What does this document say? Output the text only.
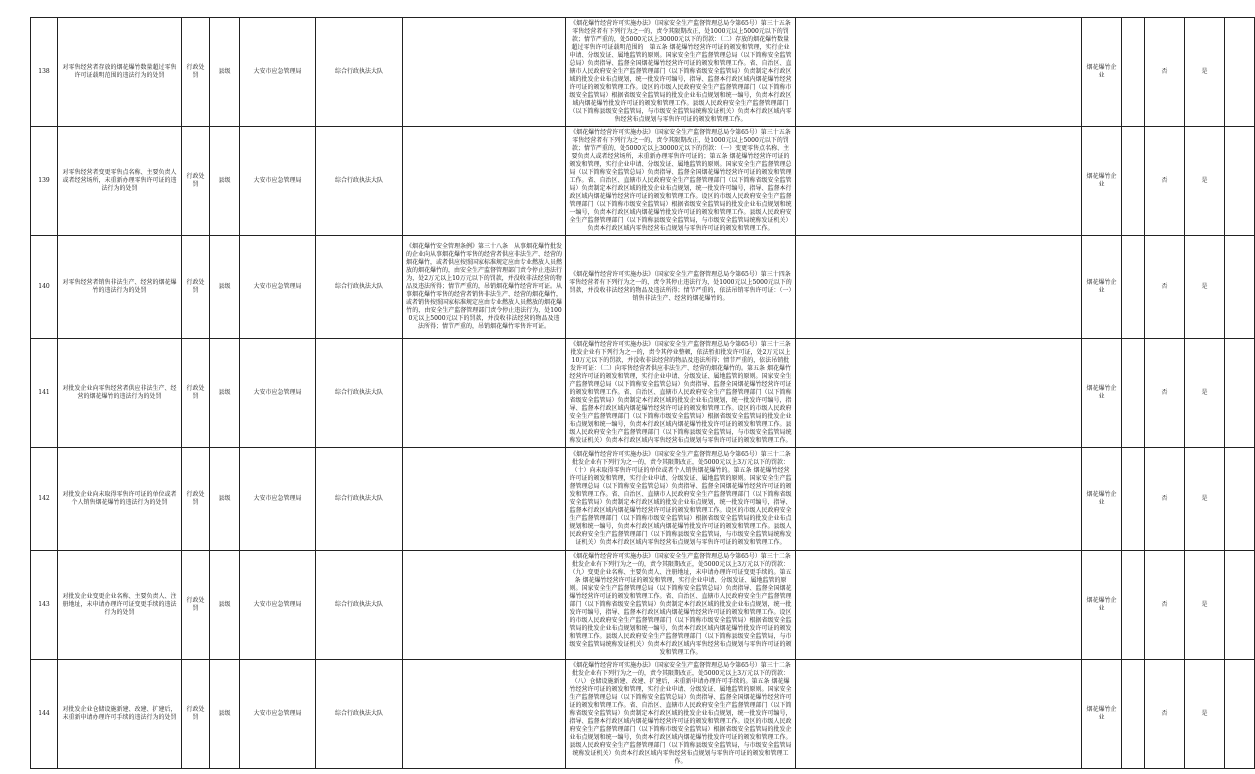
138	对零售经营者存放的烟花爆竹数量超过零售许可证载明范围的违法行为的处罚	行政处罚	县级	大安市应急管理局	综合行政执法大队		《烟花爆竹经营许可实施办法》（国家安全生产监督管理总局令第65号）第三十五条　零售经营者有下列行为之一的，责令其限期改正，处1000元以上5000元以下的罚款；情节严重的，处5000元以上30000元以下的罚款：（二）存放的烟花爆竹数量超过零售许可证载明范围的　第五条 烟花爆竹经营许可证的颁发和管理，实行企业申请、分级发证、属地监管的原则。国家安全生产监督管理总局（以下简称安全监管总局）负责指导、监督全国烟花爆竹经营许可证的颁发和管理工作。省、自治区、直辖市人民政府安全生产监督管理部门（以下简称省级安全监管局）负责制定本行政区域的批发企业布点规划，统一批发许可编号，指导、监督本行政区域内烟花爆竹经营许可证的颁发和管理工作。设区的市级人民政府安全生产监督管理部门（以下简称市级安全监管局）根据省级安全监管局的批发企业布点规划和统一编号，负责本行政区域内烟花爆竹批发许可证的颁发和管理工作。县级人民政府安全生产监督管理部门（以下简称县级安全监管局，与市级安全监管局统称发证机关）负责本行政区域内零售经营布点规划与零售许可证的颁发和管理工作。		烟花爆竹企业		否	是	
139	对零售经营者变更零售点名称、主要负责人或者经营场所，未重新办理零售许可证的违法行为的处罚	行政处罚	县级	大安市应急管理局	综合行政执法大队		《烟花爆竹经营许可实施办法》（国家安全生产监督管理总局令第65号）第三十五条　零售经营者有下列行为之一的，责令其限期改正，处1000元以上5000元以下的罚款；情节严重的，处5000元以上30000元以下的罚款：（一）变更零售点名称、主要负责人或者经营场所，未重新办理零售许可证的；第五条 烟花爆竹经营许可证的颁发和管理，实行企业申请、分级发证、属地监管的原则。国家安全生产监督管理总局（以下简称安全监管总局）负责指导、监督全国烟花爆竹经营许可证的颁发和管理工作。省、自治区、直辖市人民政府安全生产监督管理部门（以下简称省级安全监管局）负责制定本行政区域的批发企业布点规划，统一批发许可编号，指导、监督本行政区域内烟花爆竹经营许可证的颁发和管理工作。设区的市级人民政府安全生产监督管理部门（以下简称市级安全监管局）根据省级安全监管局的批发企业布点规划和统一编号，负责本行政区域内烟花爆竹批发许可证的颁发和管理工作。县级人民政府安全生产监督管理部门（以下简称县级安全监管局，与市级安全监管局统称发证机关）负责本行政区域内零售经营布点规划与零售许可证的颁发和管理工作。		烟花爆竹企业		否	是	
140	对零售经营者销售非法生产、经营的烟花爆竹的违法行为的处罚	行政处罚	县级	大安市应急管理局	综合行政执法大队	《烟花爆竹安全管理条例》第三十八条　从事烟花爆竹批发的企业向从事烟花爆竹零售的经营者供应非法生产、经营的烟花爆竹，或者供应按照国家标准规定应由专业燃放人员燃放的烟花爆竹的，由安全生产监督管理部门责令停止违法行为，处2万元以上10万元以下的罚款，并没收非法经营的物品及违法所得；情节严重的，吊销烟花爆竹经营许可证。从事烟花爆竹零售的经营者销售非法生产、经营的烟花爆竹，或者销售按照国家标准规定应由专业燃放人员燃放的烟花爆竹的，由安全生产监督管理部门责令停止违法行为，处1000元以上5000元以下的罚款，并没收非法经营的物品及违法所得；情节严重的，吊销烟花爆竹零售许可证。	《烟花爆竹经营许可实施办法》（国家安全生产监督管理总局令第65号）第三十四条　零售经营者有下列行为之一的，责令其停止违法行为，处1000元以上5000元以下的罚款，并没收非法经营的物品及违法所得；情节严重的，依法吊销零售许可证：（一）销售非法生产、经营的烟花爆竹的。		烟花爆竹企业		否	是	
141	对批发企业向零售经营者供应非法生产、经营的烟花爆竹的违法行为的处罚	行政处罚	县级	大安市应急管理局	综合行政执法大队		《烟花爆竹经营许可实施办法》（国家安全生产监督管理总局令第65号）第三十三条　批发企业有下列行为之一的，责令其停业整顿，依法暂扣批发许可证，处2万元以上10万元以下的罚款，并没收非法经营的物品及违法所得；情节严重的，依法吊销批发许可证：（二）向零售经营者供应非法生产、经营的烟花爆竹的。第五条 烟花爆竹经营许可证的颁发和管理，实行企业申请、分级发证、属地监管的原则。国家安全生产监督管理总局（以下简称安全监管总局）负责指导、监督全国烟花爆竹经营许可证的颁发和管理工作。省、自治区、直辖市人民政府安全生产监督管理部门（以下简称省级安全监管局）负责制定本行政区域的批发企业布点规划，统一批发许可编号，指导、监督本行政区域内烟花爆竹经营许可证的颁发和管理工作。设区的市级人民政府安全生产监督管理部门（以下简称市级安全监管局）根据省级安全监管局的批发企业布点规划和统一编号，负责本行政区域内烟花爆竹批发许可证的颁发和管理工作。县级人民政府安全生产监督管理部门（以下简称县级安全监管局，与市级安全监管局统称发证机关）负责本行政区域内零售经营布点规划与零售许可证的颁发和管理工作。		烟花爆竹企业		否	是	
142	对批发企业向未取得零售许可证的单位或者个人销售烟花爆竹的违法行为的处罚	行政处罚	县级	大安市应急管理局	综合行政执法大队		《烟花爆竹经营许可实施办法》（国家安全生产监督管理总局令第65号）第三十二条　批发企业有下列行为之一的，责令其限期改正，处5000元以上3万元以下的罚款：（十）向未取得零售许可证的单位或者个人销售烟花爆竹的。第五条 烟花爆竹经营许可证的颁发和管理，实行企业申请、分级发证、属地监管的原则。国家安全生产监督管理总局（以下简称安全监管总局）负责指导、监督全国烟花爆竹经营许可证的颁发和管理工作。省、自治区、直辖市人民政府安全生产监督管理部门（以下简称省级安全监管局）负责制定本行政区域的批发企业布点规划，统一批发许可编号，指导、监督本行政区域内烟花爆竹经营许可证的颁发和管理工作。设区的市级人民政府安全生产监督管理部门（以下简称市级安全监管局）根据省级安全监管局的批发企业布点规划和统一编号，负责本行政区域内烟花爆竹批发许可证的颁发和管理工作。县级人民政府安全生产监督管理部门（以下简称县级安全监管局，与市级安全监管局统称发证机关）负责本行政区域内零售经营布点规划与零售许可证的颁发和管理工作。		烟花爆竹企业		否	是	
143	对批发企业变更企业名称、主要负责人、注册地址，未申请办理许可证变更手续的违法行为的处罚	行政处罚	县级	大安市应急管理局	综合行政执法大队		《烟花爆竹经营许可实施办法》（国家安全生产监督管理总局令第65号）第三十二条　批发企业有下列行为之一的，责令其限期改正，处5000元以上3万元以下的罚款：（九）变更企业名称、主要负责人、注册地址，未申请办理许可证变更手续的。第五条 烟花爆竹经营许可证的颁发和管理，实行企业申请、分级发证、属地监管的原则。国家安全生产监督管理总局（以下简称安全监管总局）负责指导、监督全国烟花爆竹经营许可证的颁发和管理工作。省、自治区、直辖市人民政府安全生产监督管理部门（以下简称省级安全监管局）负责制定本行政区域的批发企业布点规划，统一批发许可编号，指导、监督本行政区域内烟花爆竹经营许可证的颁发和管理工作。设区的市级人民政府安全生产监督管理部门（以下简称市级安全监管局）根据省级安全监管局的批发企业布点规划和统一编号，负责本行政区域内烟花爆竹批发许可证的颁发和管理工作。县级人民政府安全生产监督管理部门（以下简称县级安全监管局，与市级安全监管局统称发证机关）负责本行政区域内零售经营布点规划与零售许可证的颁发和管理工作。		烟花爆竹企业		否	是	
144	对批发企业仓储设施新建、改建、扩建后，未重新申请办理许可手续的违法行为的处罚	行政处罚	县级	大安市应急管理局	综合行政执法大队		《烟花爆竹经营许可实施办法》（国家安全生产监督管理总局令第65号）第三十二条　批发企业有下列行为之一的，责令其限期改正，处5000元以上3万元以下的罚款：（八）仓储设施新建、改建、扩建后，未重新申请办理许可手续的。第五条 烟花爆竹经营许可证的颁发和管理，实行企业申请、分级发证、属地监管的原则。国家安全生产监督管理总局（以下简称安全监管总局）负责指导、监督全国烟花爆竹经营许可证的颁发和管理工作。省、自治区、直辖市人民政府安全生产监督管理部门（以下简称省级安全监管局）负责制定本行政区域的批发企业布点规划，统一批发许可编号，指导、监督本行政区域内烟花爆竹经营许可证的颁发和管理工作。设区的市级人民政府安全生产监督管理部门（以下简称市级安全监管局）根据省级安全监管局的批发企业布点规划和统一编号，负责本行政区域内烟花爆竹批发许可证的颁发和管理工作。县级人民政府安全生产监督管理部门（以下简称县级安全监管局，与市级安全监管局统称发证机关）负责本行政区域内零售经营布点规划与零售许可证的颁发和管理工作。		烟花爆竹企业		否	是	
